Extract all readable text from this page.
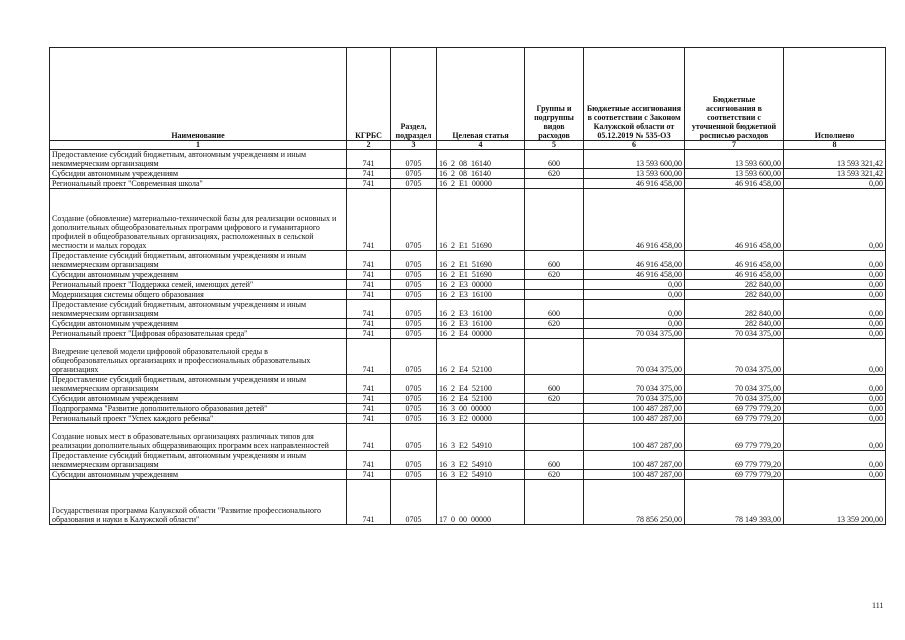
Наименование	КГРБС	Раздел, подраздел	Целевая статья	Группы и подгруппы видов расходов	Бюджетные ассигнования в соответствии с Законом Калужской области от 05.12.2019 № 535-ОЗ	Бюджетные ассигнования в соответствии с уточненной бюджетной росписью расходов	Исполнено
1	2	3	4	5	6	7	8
Предоставление субсидий бюджетным, автономным учреждениям и иным некоммерческим организациям	741	0705	16  2  08  16140	600	13 593 600,00	13 593 600,00	13 593 321,42
Субсидии автономным учреждениям	741	0705	16  2  08  16140	620	13 593 600,00	13 593 600,00	13 593 321,42
Региональный проект "Современная школа"	741	0705	16  2  E1  00000		46 916 458,00	46 916 458,00	0,00
Создание (обновление) материально-технической базы для реализации основных и дополнительных общеобразовательных программ цифрового и гуманитарного профилей в общеобразовательных организациях, расположенных в сельской местности и малых городах	741	0705	16  2  E1  51690		46 916 458,00	46 916 458,00	0,00
Предоставление субсидий бюджетным, автономным учреждениям и иным некоммерческим организациям	741	0705	16  2  E1  51690	600	46 916 458,00	46 916 458,00	0,00
Субсидии автономным учреждениям	741	0705	16  2  E1  51690	620	46 916 458,00	46 916 458,00	0,00
Региональный проект "Поддержка семей, имеющих детей"	741	0705	16  2  E3  00000		0,00	282 840,00	0,00
Модернизация системы общего образования	741	0705	16  2  E3  16100		0,00	282 840,00	0,00
Предоставление субсидий бюджетным, автономным учреждениям и иным некоммерческим организациям	741	0705	16  2  E3  16100	600	0,00	282 840,00	0,00
Субсидии автономным учреждениям	741	0705	16  2  E3  16100	620	0,00	282 840,00	0,00
Региональный проект "Цифровая образовательная среда"	741	0705	16  2  E4  00000		70 034 375,00	70 034 375,00	0,00
Внедрение целевой модели цифровой образовательной среды в общеобразовательных организациях и профессиональных образовательных организациях	741	0705	16  2  E4  52100		70 034 375,00	70 034 375,00	0,00
Предоставление субсидий бюджетным, автономным учреждениям и иным некоммерческим организациям	741	0705	16  2  E4  52100	600	70 034 375,00	70 034 375,00	0,00
Субсидии автономным учреждениям	741	0705	16  2  E4  52100	620	70 034 375,00	70 034 375,00	0,00
Подпрограмма "Развитие дополнительного образования детей"	741	0705	16  3  00  00000		100 487 287,00	69 779 779,20	0,00
Региональный проект "Успех каждого ребенка"	741	0705	16  3  E2  00000		100 487 287,00	69 779 779,20	0,00
Создание новых мест в образовательных организациях различных типов для реализации дополнительных общеразвивающих программ всех направленностей	741	0705	16  3  E2  54910		100 487 287,00	69 779 779,20	0,00
Предоставление субсидий бюджетным, автономным учреждениям и иным некоммерческим организациям	741	0705	16  3  E2  54910	600	100 487 287,00	69 779 779,20	0,00
Субсидии автономным учреждениям	741	0705	16  3  E2  54910	620	100 487 287,00	69 779 779,20	0,00
Государственная программа Калужской области "Развитие профессионального образования и науки в Калужской области"	741	0705	17  0  00  00000		78 856 250,00	78 149 393,00	13 359 200,00
111
